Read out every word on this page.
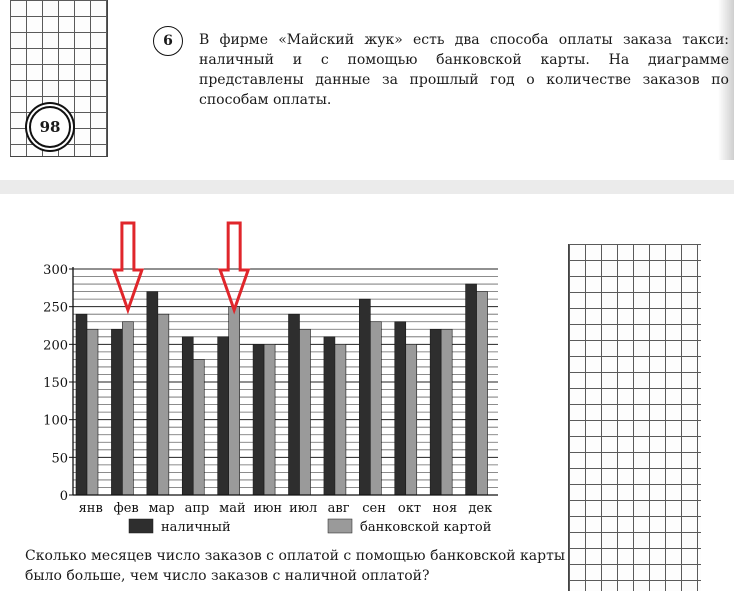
98
6 В фирме «Майский жук» есть два способа оплаты заказа такси: наличный и с помощью банковской карты. На диаграмме представлены данные за прошлый год о количестве заказов по способам оплаты.
янв фев мар апр май июн июл авг сен окт ноя дек
0
50
100
150
200
250
300
наличный	банковской картой
Сколько месяцев число заказов с оплатой с помощью банковской карты было больше, чем число заказов с наличной оплатой?
